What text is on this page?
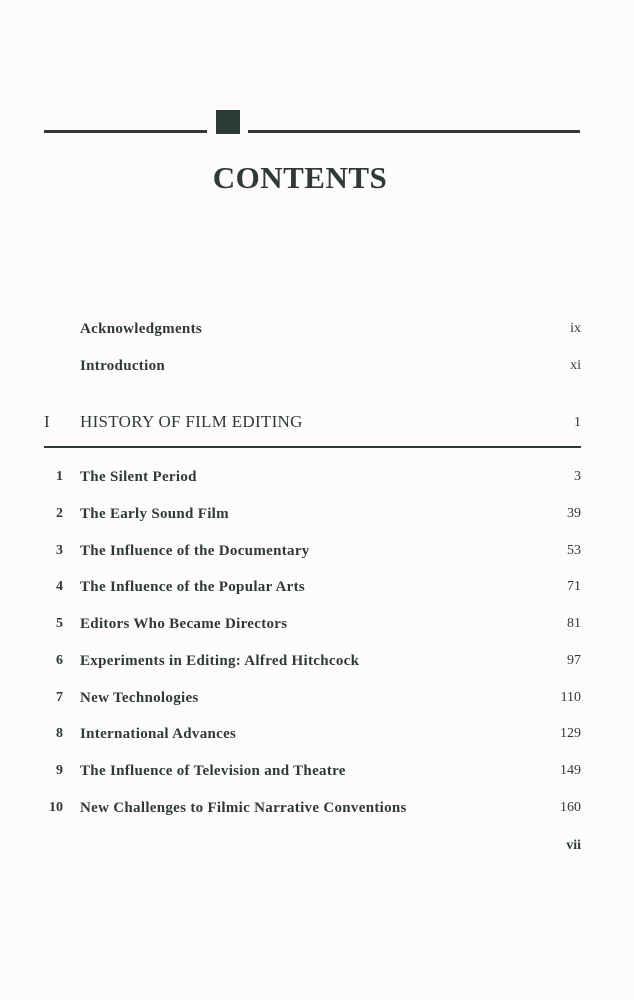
CONTENTS
Acknowledgments	ix
Introduction	xi
I HISTORY OF FILM EDITING	1
1 The Silent Period	3
2 The Early Sound Film	39
3 The Influence of the Documentary	53
4 The Influence of the Popular Arts	71
5 Editors Who Became Directors	81
6 Experiments in Editing: Alfred Hitchcock	97
7 New Technologies	110
8 International Advances	129
9 The Influence of Television and Theatre	149
10 New Challenges to Filmic Narrative Conventions	160
vii
